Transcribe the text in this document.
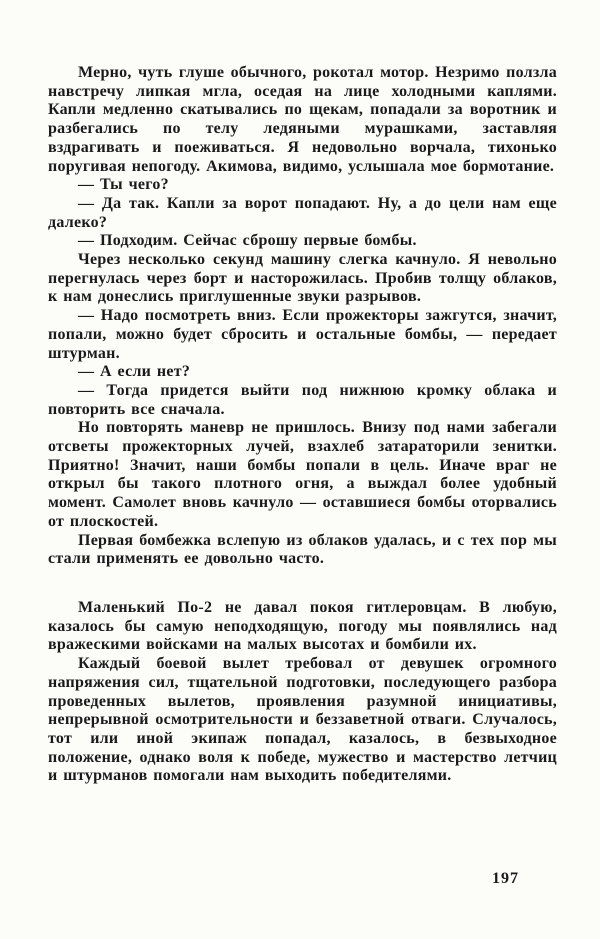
Мерно, чуть глуше обычного, рокотал мотор. Незримо ползла навстречу липкая мгла, оседая на лице холодными каплями. Капли медленно скатывались по щекам, попадали за воротник и разбегались по телу ледяными мурашками, заставляя вздрагивать и поеживаться. Я недовольно ворчала, тихонько поругивая непогоду. Акимова, видимо, услышала мое бормотание.

— Ты чего?

— Да так. Капли за ворот попадают. Ну, а до цели нам еще далеко?

— Подходим. Сейчас сброшу первые бомбы.

Через несколько секунд машину слегка качнуло. Я невольно перегнулась через борт и насторожилась. Пробив толщу облаков, к нам донеслись приглушенные звуки разрывов.

— Надо посмотреть вниз. Если прожекторы зажгутся, значит, попали, можно будет сбросить и остальные бомбы, — передает штурман.

— А если нет?

— Тогда придется выйти под нижнюю кромку облака и повторить все сначала.

Но повторять маневр не пришлось. Внизу под нами забегали отсветы прожекторных лучей, взахлеб затараторили зенитки. Приятно! Значит, наши бомбы попали в цель. Иначе враг не открыл бы такого плотного огня, а выждал более удобный момент. Самолет вновь качнуло — оставшиеся бомбы оторвались от плоскостей.

Первая бомбежка вслепую из облаков удалась, и с тех пор мы стали применять ее довольно часто.

Маленький По-2 не давал покоя гитлеровцам. В любую, казалось бы самую неподходящую, погоду мы появлялись над вражескими войсками на малых высотах и бомбили их.

Каждый боевой вылет требовал от девушек огромного напряжения сил, тщательной подготовки, последующего разбора проведенных вылетов, проявления разумной инициативы, непрерывной осмотрительности и беззаветной отваги. Случалось, тот или иной экипаж попадал, казалось, в безвыходное положение, однако воля к победе, мужество и мастерство летчиц и штурманов помогали нам выходить победителями.

197
